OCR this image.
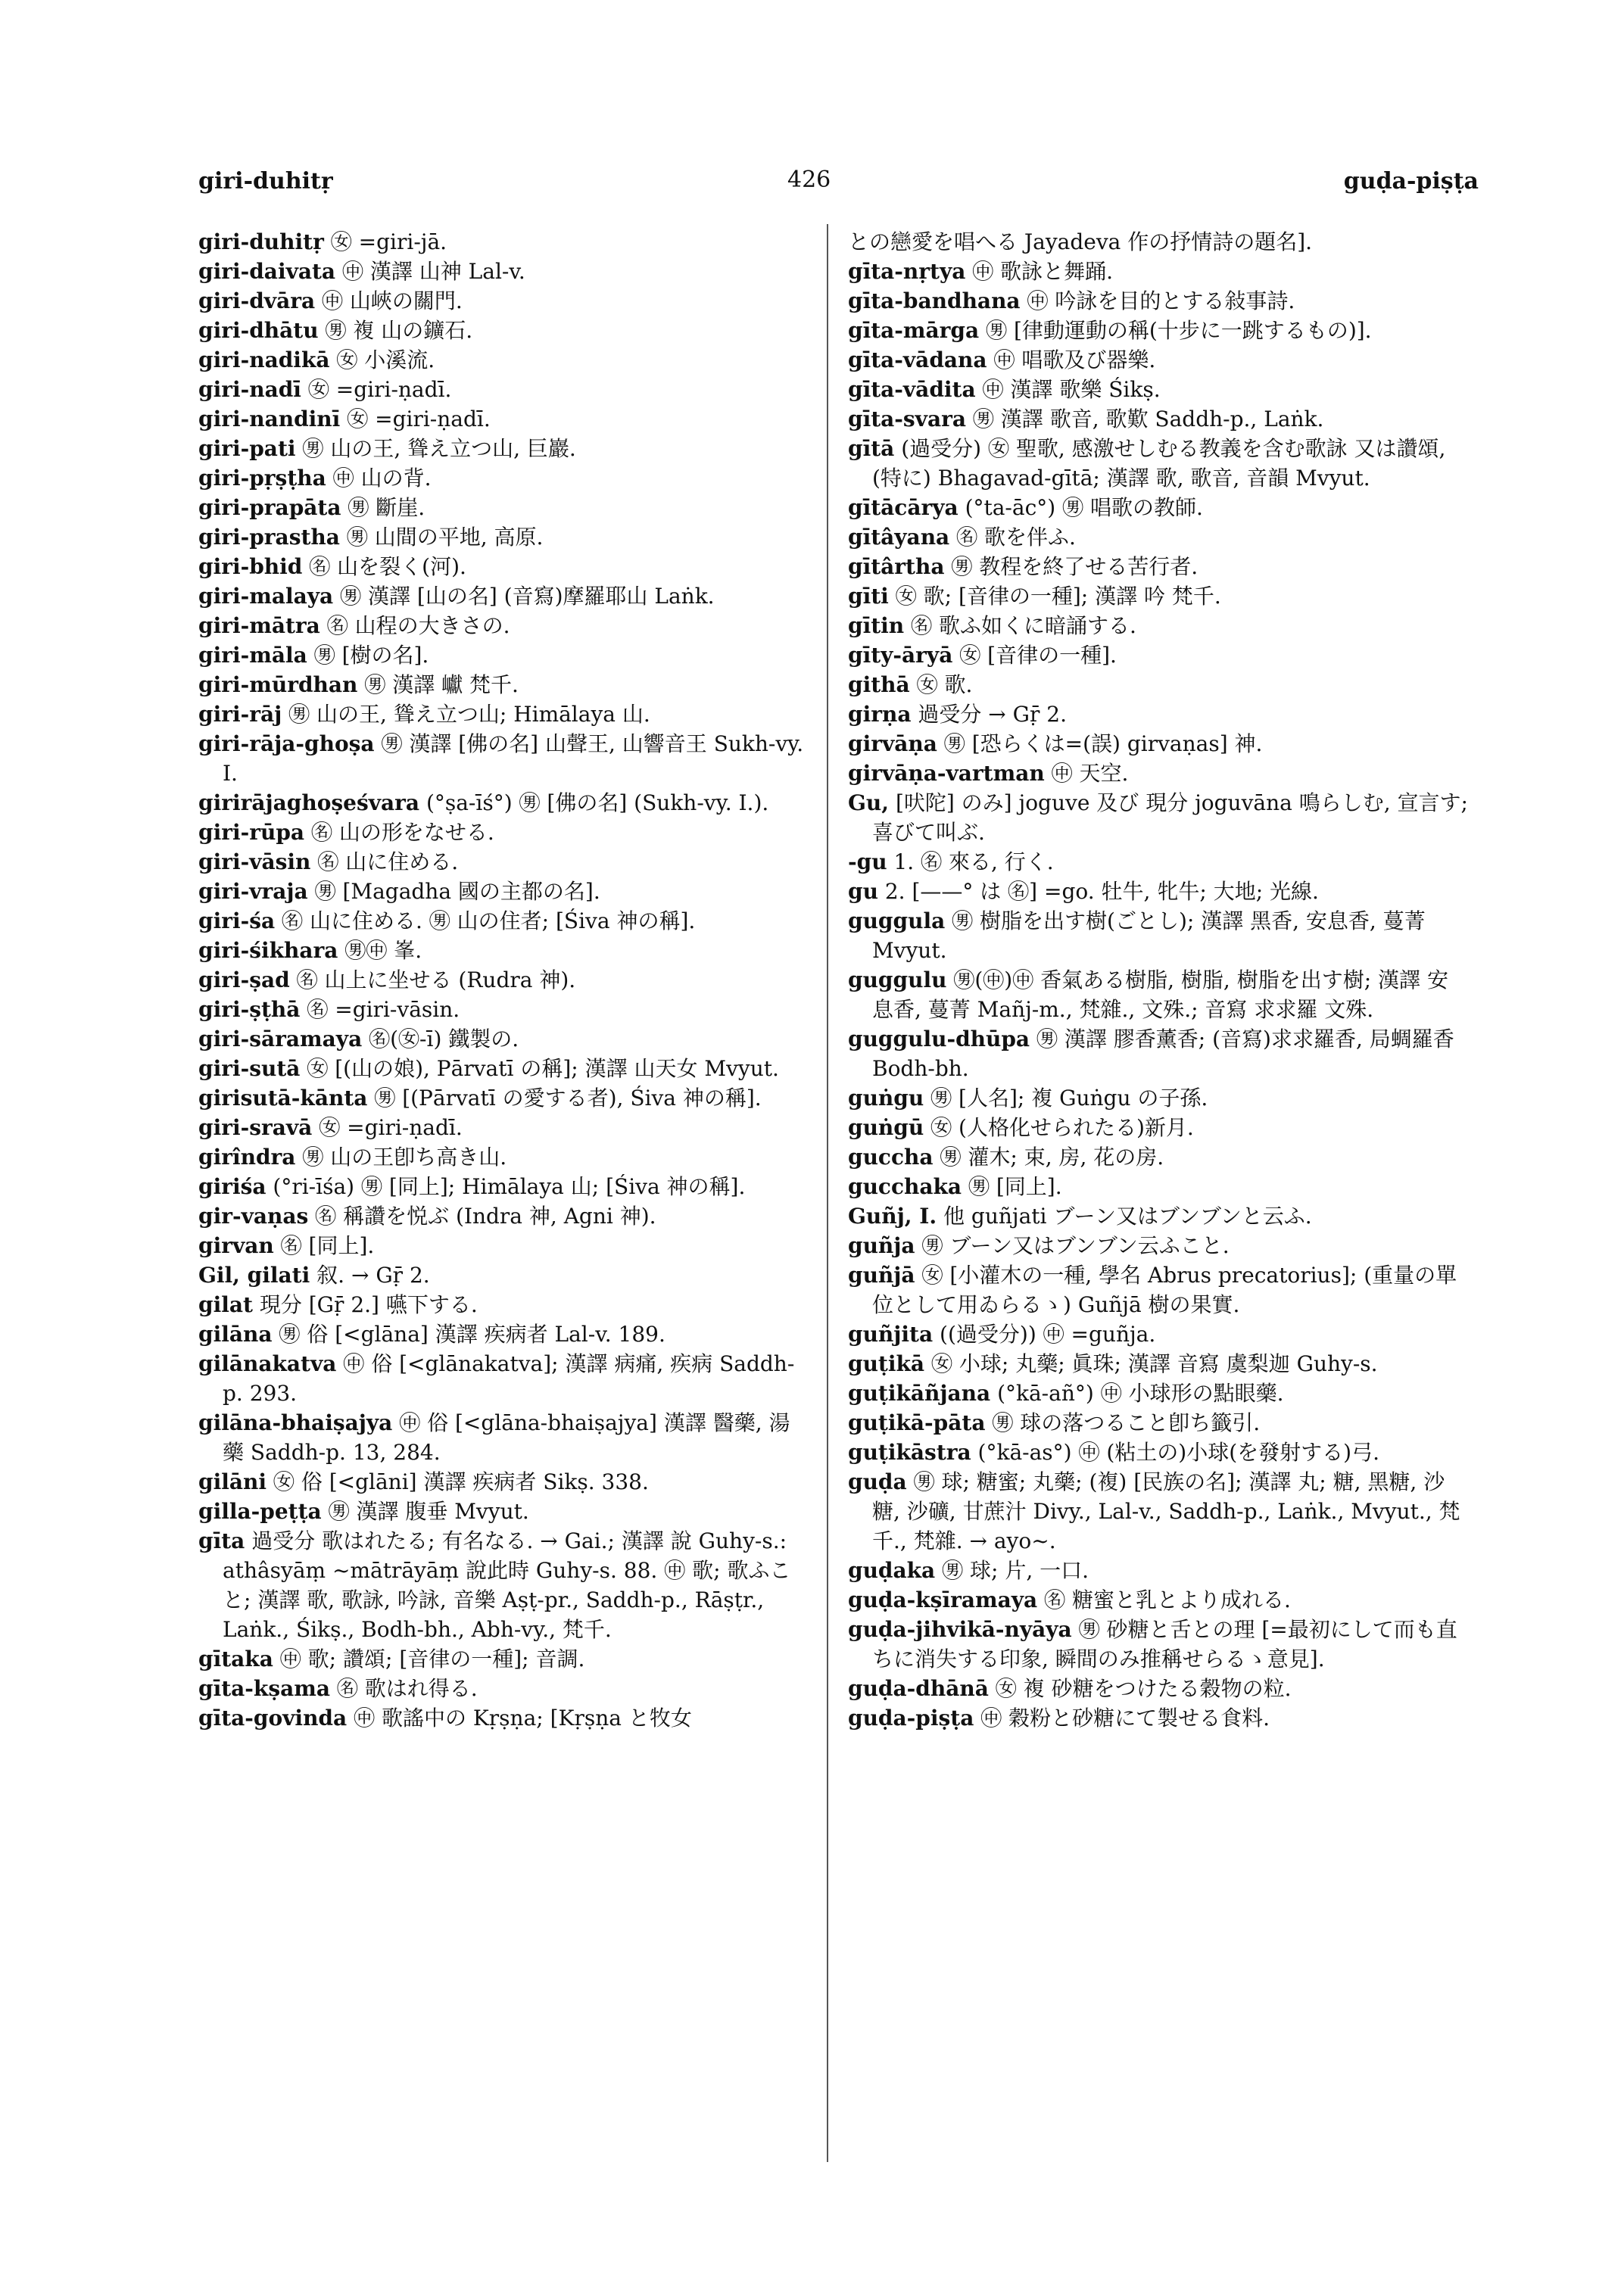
giri-duhitṛ	426	guḍa-piṣṭa

giri-duhitṛ ㊛ =giri-jā.

giri-daivata ㊥ 漢譯 山神 Lal-v.

giri-dvāra ㊥ 山峽の關門.

giri-dhātu ㊚ 複 山の鑛石.

giri-nadikā ㊛ 小溪流.

giri-nadī ㊛ =giri-ṇadī.

giri-nandinī ㊛ =giri-ṇadī.

giri-pati ㊚ 山の王, 聳え立つ山, 巨巖.

giri-pṛṣṭha ㊥ 山の背.

giri-prapāta ㊚ 斷崖.

giri-prastha ㊚ 山間の平地, 高原.

giri-bhid ㊔ 山を裂く(河).

giri-malaya ㊚ 漢譯 [山の名] (音寫)摩羅耶山 Laṅk.

giri-mātra ㊔ 山程の大きさの.

giri-māla ㊚ [樹の名].

giri-mūrdhan ㊚ 漢譯 巘 梵千.

giri-rāj ㊚ 山の王, 聳え立つ山; Himālaya 山.

giri-rāja-ghoṣa ㊚ 漢譯 [佛の名] 山聲王, 山響音王 Sukh-vy. I.

girirājaghoṣeśvara (°ṣa-īś°) ㊚ [佛の名] (Sukh-vy. I.).

giri-rūpa ㊔ 山の形をなせる.

giri-vāsin ㊔ 山に住める.

giri-vraja ㊚ [Magadha 國の主都の名].

giri-śa ㊔ 山に住める. ㊚ 山の住者; [Śiva 神の稱].

giri-śikhara ㊚㊥ 峯.

giri-ṣad ㊔ 山上に坐せる (Rudra 神).

giri-ṣṭhā ㊔ =giri-vāsin.

giri-sāramaya ㊔(㊛-ī) 鐵製の.

giri-sutā ㊛ [(山の娘), Pārvatī の稱]; 漢譯 山天女 Mvyut.

girisutā-kānta ㊚ [(Pārvatī の愛する者), Śiva 神の稱].

giri-sravā ㊛ =giri-ṇadī.

girîndra ㊚ 山の王卽ち高き山.

giriśa (°ri-īśa) ㊚ [同上]; Himālaya 山; [Śiva 神の稱].

gir-vaṇas ㊔ 稱讚を悦ぶ (Indra 神, Agni 神).

girvan ㊔ [同上].

Gil, gilati 叙. → Gṝ 2.

gilat 現分 [Gṝ 2.] 嚥下する.

gilāna ㊚ 俗 [<glāna] 漢譯 疾病者 Lal-v. 189.

gilānakatva ㊥ 俗 [<glānakatva]; 漢譯 病痛, 疾病 Saddh-p. 293.

gilāna-bhaiṣajya ㊥ 俗 [<glāna-bhaiṣajya] 漢譯 醫藥, 湯藥 Saddh-p. 13, 284.

gilāni ㊛ 俗 [<glāni] 漢譯 疾病者 Sikṣ. 338.

gilla-peṭṭa ㊚ 漢譯 腹垂 Mvyut.

gīta 過受分 歌はれたる; 有名なる. → Gai.; 漢譯 說 Guhy-s.: athâsyāṃ ~mātrāyāṃ 說此時 Guhy-s. 88. ㊥ 歌; 歌ふこと; 漢譯 歌, 歌詠, 吟詠, 音樂 Aṣṭ-pr., Saddh-p., Rāṣṭr., Laṅk., Śikṣ., Bodh-bh., Abh-vy., 梵千.

gītaka ㊥ 歌; 讚頌; [音律の一種]; 音調.

gīta-kṣama ㊔ 歌はれ得る.

gīta-govinda ㊥ 歌謠中の Kṛṣṇa; [Kṛṣṇa と牧女

との戀愛を唱へる Jayadeva 作の抒情詩の題名].

gīta-nṛtya ㊥ 歌詠と舞踊.

gīta-bandhana ㊥ 吟詠を目的とする敍事詩.

gīta-mārga ㊚ [律動運動の稱(十步に一跳するもの)].

gīta-vādana ㊥ 唱歌及び器樂.

gīta-vādita ㊥ 漢譯 歌樂 Śikṣ.

gīta-svara ㊚ 漢譯 歌音, 歌歎 Saddh-p., Laṅk.

gītā (過受分) ㊛ 聖歌, 感激せしむる教義を含む歌詠 又は讚頌, (特に) Bhagavad-gītā; 漢譯 歌, 歌音, 音韻 Mvyut.

gītācārya (°ta-āc°) ㊚ 唱歌の教師.

gītâyana ㊔ 歌を伴ふ.

gītârtha ㊚ 教程を終了せる苦行者.

gīti ㊛ 歌; [音律の一種]; 漢譯 吟 梵千.

gītin ㊔ 歌ふ如くに暗誦する.

gīty-āryā ㊛ [音律の一種].

githā ㊛ 歌.

girṇa 過受分 → Gṝ 2.

girvāṇa ㊚ [恐らくは=(誤) girvaṇas] 神.

girvāṇa-vartman ㊥ 天空.

Gu, [吠陀] のみ] joguve 及び 現分 joguvāna 鳴らしむ, 宣言す; 喜びて叫ぶ.

-gu 1. ㊔ 來る, 行く.

gu 2. [——° は ㊔] =go. 牡牛, 牝牛; 大地; 光線.

guggula ㊚ 樹脂を出す樹(ごとし); 漢譯 黑香, 安息香, 蔓菁 Mvyut.

guggulu ㊚(㊥)㊥ 香氣ある樹脂, 樹脂, 樹脂を出す樹; 漢譯 安息香, 蔓菁 Mañj-m., 梵雜., 文殊.; 音寫 求求羅 文殊.

guggulu-dhūpa ㊚ 漢譯 膠香薰香; (音寫)求求羅香, 局蜩羅香 Bodh-bh.

guṅgu ㊚ [人名]; 複 Guṅgu の子孫.

guṅgū ㊛ (人格化せられたる)新月.

guccha ㊚ 灌木; 束, 房, 花の房.

gucchaka ㊚ [同上].

Guñj, I. 他 guñjati ブーン又はブンブンと云ふ.

guñja ㊚ ブーン又はブンブン云ふこと.

guñjā ㊛ [小灌木の一種, 學名 Abrus precatorius]; (重量の單位として用ゐらるゝ) Guñjā 樹の果實.

guñjita ((過受分)) ㊥ =guñja.

guṭikā ㊛ 小球; 丸藥; 眞珠; 漢譯 音寫 虞梨迦 Guhy-s.

guṭikāñjana (°kā-añ°) ㊥ 小球形の點眼藥.

guṭikā-pāta ㊚ 球の落つること卽ち籤引.

guṭikāstra (°kā-as°) ㊥ (粘土の)小球(を發射する)弓.

guḍa ㊚ 球; 糖蜜; 丸藥; (複) [民族の名]; 漢譯 丸; 糖, 黑糖, 沙糖, 沙礦, 甘蔗汁 Divy., Lal-v., Saddh-p., Laṅk., Mvyut., 梵千., 梵雜. → ayo~.

guḍaka ㊚ 球; 片, 一口.

guḍa-kṣīramaya ㊔ 糖蜜と乳とより成れる.

guḍa-jihvikā-nyāya ㊚ 砂糖と舌との理 [=最初にして而も直ちに消失する印象, 瞬間のみ推稱せらるゝ意見].

guḍa-dhānā ㊛ 複 砂糖をつけたる穀物の粒.

guḍa-piṣṭa ㊥ 穀粉と砂糖にて製せる食料.
